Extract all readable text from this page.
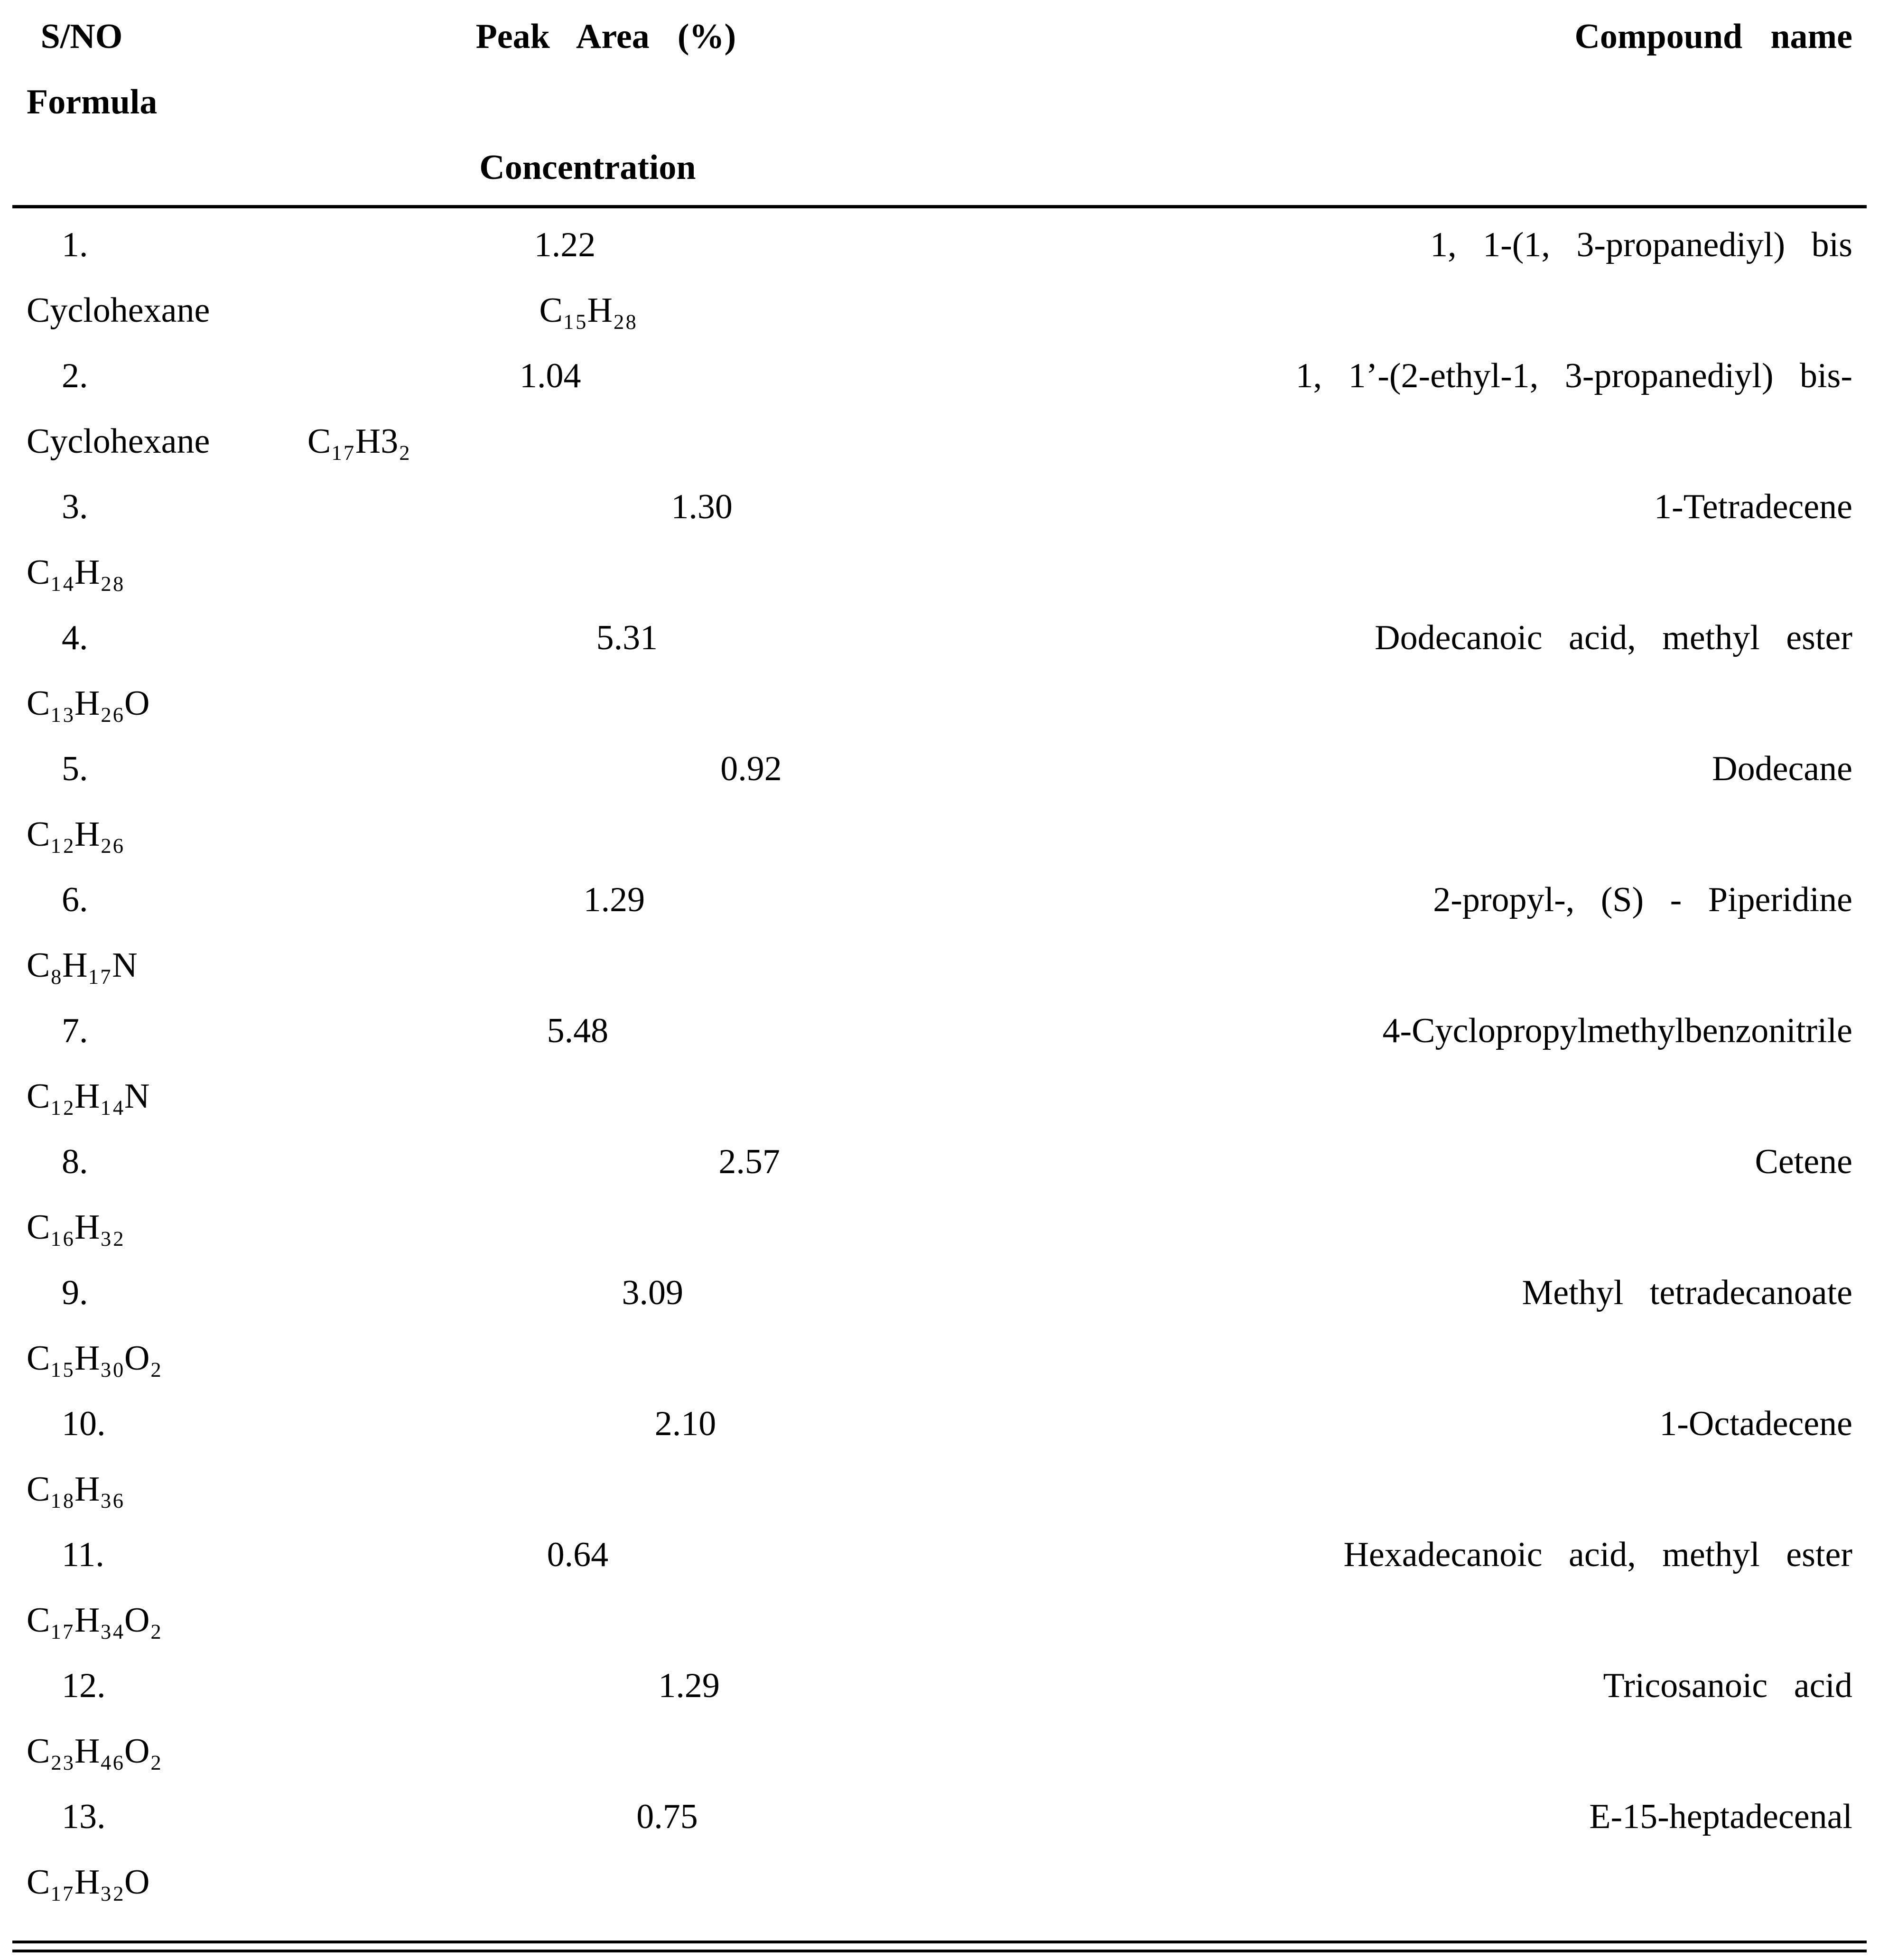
S/NO	Peak Area (%)	Compound name
Formula
Concentration
1.	1.22	1, 1-(1, 3-propanediyl) bis
Cyclohexane	C₁₅H₂₈
2.	1.04	1, 1’-(2-ethyl-1, 3-propanediyl) bis-
Cyclohexane	C₁₇H3₂
3.	1.30	1-Tetradecene
C₁₄H₂₈
4.	5.31	Dodecanoic acid, methyl ester
C₁₃H₂₆O
5.	0.92	Dodecane
C₁₂H₂₆
6.	1.29	2-propyl-, (S) - Piperidine
C₈H₁₇N
7.	5.48	4-Cyclopropylmethylbenzonitrile
C₁₂H₁₄N
8.	2.57	Cetene
C₁₆H₃₂
9.	3.09	Methyl tetradecanoate
C₁₅H₃₀O₂
10.	2.10	1-Octadecene
C₁₈H₃₆
11.	0.64	Hexadecanoic acid, methyl ester
C₁₇H₃₄O₂
12.	1.29	Tricosanoic acid
C₂₃H₄₆O₂
13.	0.75	E-15-heptadecenal
C₁₇H₃₂O
